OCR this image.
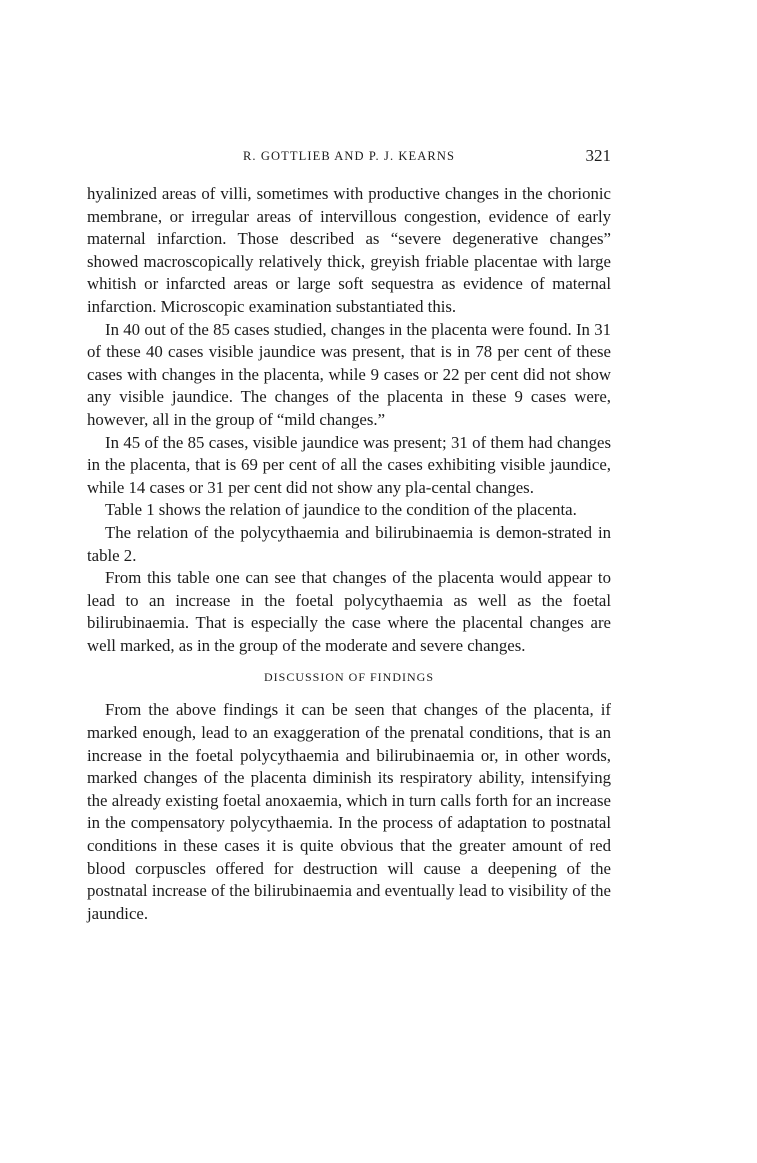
R. GOTTLIEB AND P. J. KEARNS	321

hyalinized areas of villi, sometimes with productive changes in the chorionic membrane, or irregular areas of intervillous congestion, evidence of early maternal infarction. Those described as “severe degenerative changes” showed macroscopically relatively thick, greyish friable placentae with large whitish or infarcted areas or large soft sequestra as evidence of maternal infarction. Microscopic examination substantiated this.

In 40 out of the 85 cases studied, changes in the placenta were found. In 31 of these 40 cases visible jaundice was present, that is in 78 per cent of these cases with changes in the placenta, while 9 cases or 22 per cent did not show any visible jaundice. The changes of the placenta in these 9 cases were, however, all in the group of “mild changes.”

In 45 of the 85 cases, visible jaundice was present; 31 of them had changes in the placenta, that is 69 per cent of all the cases exhibiting visible jaundice, while 14 cases or 31 per cent did not show any pla-cental changes.

Table 1 shows the relation of jaundice to the condition of the placenta.

The relation of the polycythaemia and bilirubinaemia is demon-strated in table 2.

From this table one can see that changes of the placenta would appear to lead to an increase in the foetal polycythaemia as well as the foetal bilirubinaemia. That is especially the case where the placental changes are well marked, as in the group of the moderate and severe changes.

DISCUSSION OF FINDINGS

From the above findings it can be seen that changes of the placenta, if marked enough, lead to an exaggeration of the prenatal conditions, that is an increase in the foetal polycythaemia and bilirubinaemia or, in other words, marked changes of the placenta diminish its respiratory ability, intensifying the already existing foetal anoxaemia, which in turn calls forth for an increase in the compensatory polycythaemia. In the process of adaptation to postnatal conditions in these cases it is quite obvious that the greater amount of red blood corpuscles offered for destruction will cause a deepening of the postnatal increase of the bilirubinaemia and eventually lead to visibility of the jaundice.
